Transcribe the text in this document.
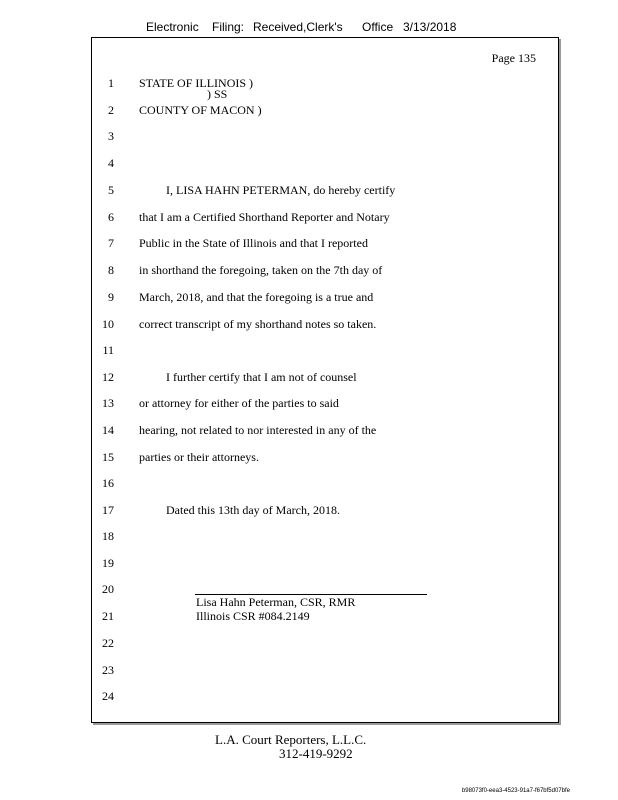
Electronic Filing: Received,Clerk's Office 3/13/2018
Page 135
1 STATE OF ILLINOIS )
) SS
2 COUNTY OF MACON )
3
4
5	I, LISA HAHN PETERMAN, do hereby certify
6 that I am a Certified Shorthand Reporter and Notary
7 Public in the State of Illinois and that I reported
8 in shorthand the foregoing, taken on the 7th day of
9 March, 2018, and that the foregoing is a true and
10 correct transcript of my shorthand notes so taken.
11
12	I further certify that I am not of counsel
13 or attorney for either of the parties to said
14 hearing, not related to nor interested in any of the
15 parties or their attorneys.
16
17	Dated this 13th day of March, 2018.
18
19
20
Lisa Hahn Peterman, CSR, RMR
21	Illinois CSR #084.2149
22
23
24
L.A. Court Reporters, L.L.C.
312-419-9292
b98073f0-eea3-4523-91a7-f67bf5d07bfe
